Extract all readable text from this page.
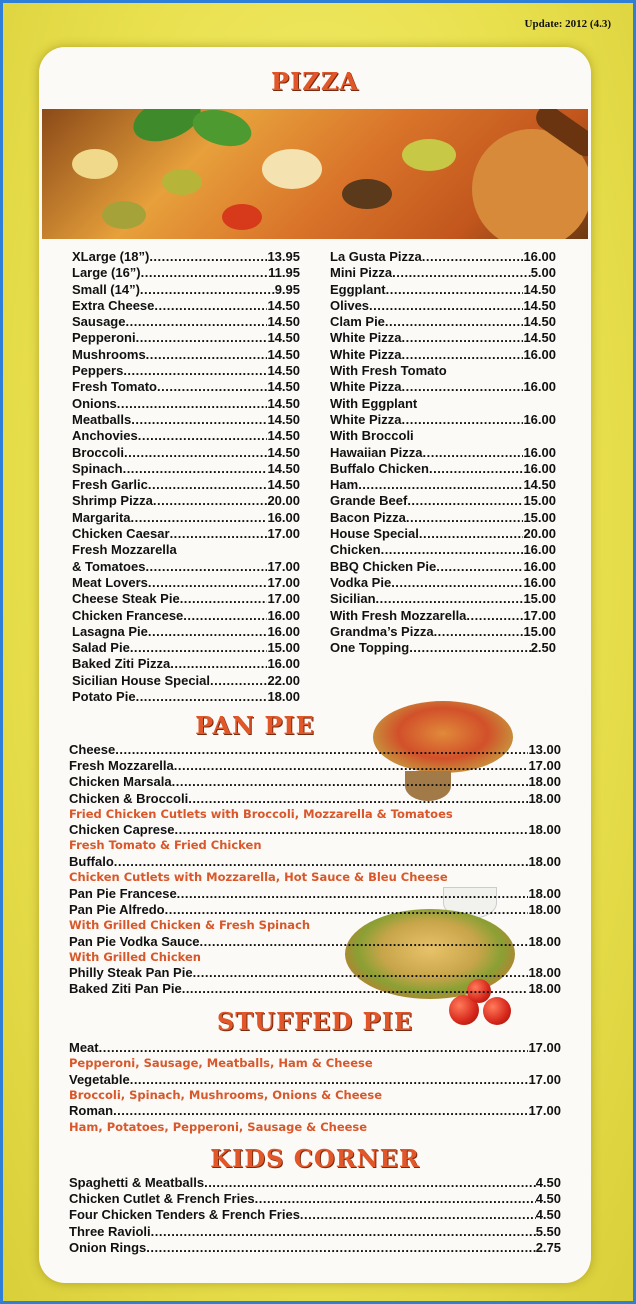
Update: 2012 (4.3)
PIZZA
XLarge (18”) .....	13.95
Large (16”) .....	11.95
Small (14”) .....	9.95
Extra Cheese .....	14.50
Sausage .....	14.50
Pepperoni .....	14.50
Mushrooms .....	14.50
Peppers .....	14.50
Fresh Tomato .....	14.50
Onions .....	14.50
Meatballs .....	14.50
Anchovies .....	14.50
Broccoli .....	14.50
Spinach .....	14.50
Fresh Garlic .....	14.50
Shrimp Pizza .....	20.00
Margarita .....	16.00
Chicken Caesar .....	17.00
Fresh Mozzarella
& Tomatoes .....	17.00
Meat Lovers .....	17.00
Cheese Steak Pie .....	17.00
Chicken Francese .....	16.00
Lasagna Pie .....	16.00
Salad Pie .....	15.00
Baked Ziti Pizza .....	16.00
Sicilian House Special .....	22.00
Potato Pie .....	18.00
La Gusta Pizza .....	16.00
Mini Pizza .....	5.00
Eggplant .....	14.50
Olives .....	14.50
Clam Pie .....	14.50
White Pizza .....	14.50
White Pizza .....	16.00
With Fresh Tomato
White Pizza .....	16.00
With Eggplant
White Pizza .....	16.00
With Broccoli
Hawaiian Pizza .....	16.00
Buffalo Chicken .....	16.00
Ham .....	14.50
Grande Beef .....	15.00
Bacon Pizza .....	15.00
House Special .....	20.00
Chicken .....	16.00
BBQ Chicken Pie .....	16.00
Vodka Pie .....	16.00
Sicilian .....	15.00
With Fresh Mozzarella .....	17.00
Grandma’s Pizza .....	15.00
One Topping .....	2.50

PAN PIE
Cheese .....	13.00
Fresh Mozzarella .....	17.00
Chicken Marsala .....	18.00
Chicken & Broccoli .....	18.00
Fried Chicken Cutlets with Broccoli, Mozzarella & Tomatoes
Chicken Caprese .....	18.00
Fresh Tomato & Fried Chicken
Buffalo .....	18.00
Chicken Cutlets with Mozzarella, Hot Sauce & Bleu Cheese
Pan Pie Francese .....	18.00
Pan Pie Alfredo .....	18.00
With Grilled Chicken & Fresh Spinach
Pan Pie Vodka Sauce .....	18.00
With Grilled Chicken
Philly Steak Pan Pie .....	18.00
Baked Ziti Pan Pie .....	18.00
STUFFED PIE
Meat .....	17.00
Pepperoni, Sausage, Meatballs, Ham & Cheese
Vegetable .....	17.00
Broccoli, Spinach, Mushrooms, Onions & Cheese
Roman .....	17.00
Ham, Potatoes, Pepperoni, Sausage & Cheese
KIDS CORNER
Spaghetti & Meatballs .....	4.50
Chicken Cutlet & French Fries .....	4.50
Four Chicken Tenders & French Fries .....	4.50
Three Ravioli .....	5.50
Onion Rings .....	2.75
